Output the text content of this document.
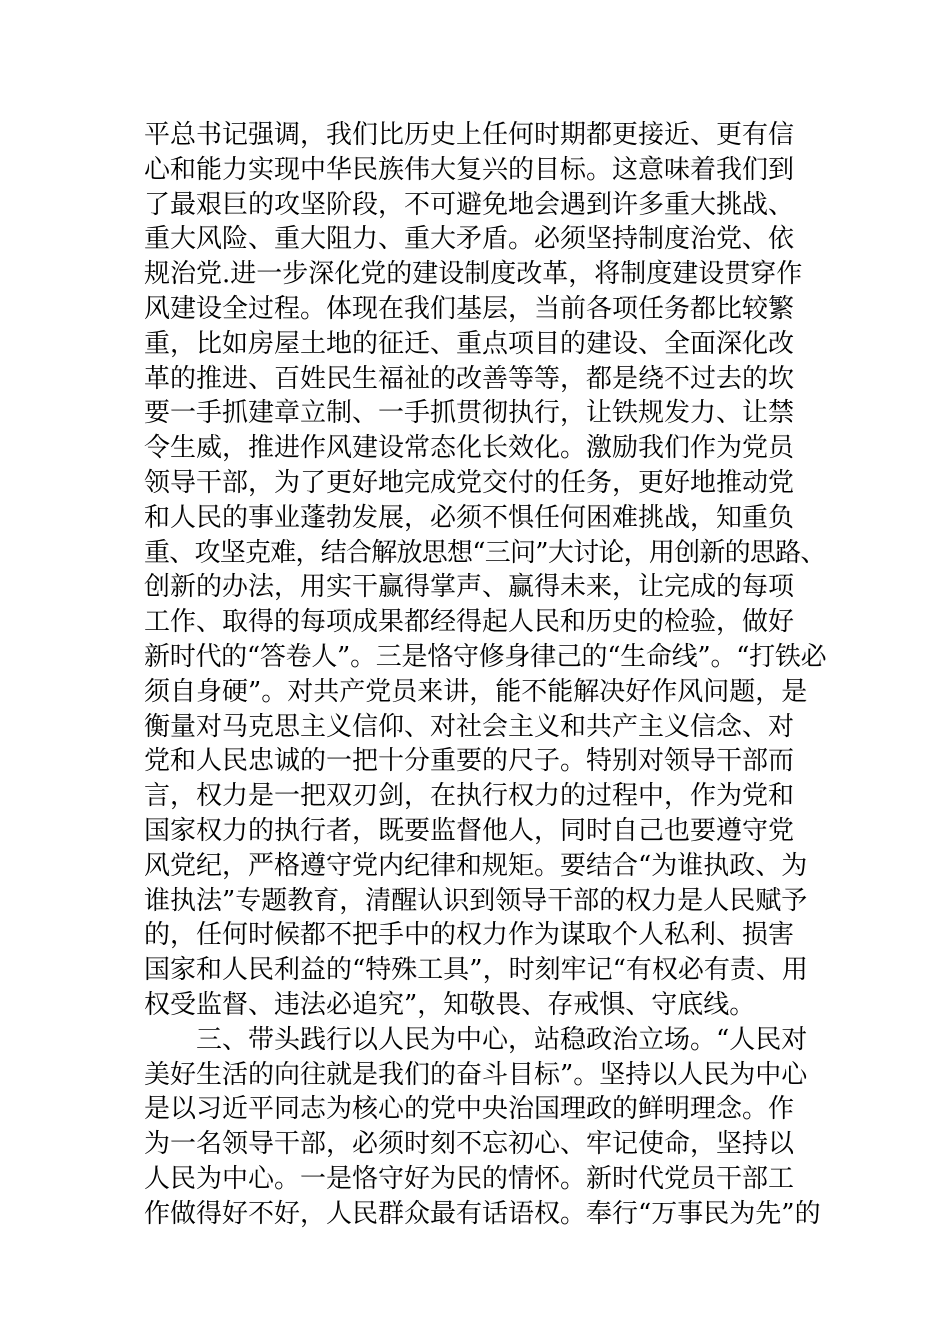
平总书记强调，我们比历史上任何时期都更接近、更有信
心和能力实现中华民族伟大复兴的目标。这意味着我们到
了最艰巨的攻坚阶段，不可避免地会遇到许多重大挑战、
重大风险、重大阻力、重大矛盾。必须坚持制度治党、依
规治党.进一步深化党的建设制度改革，将制度建设贯穿作
风建设全过程。体现在我们基层，当前各项任务都比较繁
重，比如房屋土地的征迁、重点项目的建设、全面深化改
革的推进、百姓民生福祉的改善等等，都是绕不过去的坎
要一手抓建章立制、一手抓贯彻执行，让铁规发力、让禁
令生威，推进作风建设常态化长效化。激励我们作为党员
领导干部，为了更好地完成党交付的任务，更好地推动党
和人民的事业蓬勃发展，必须不惧任何困难挑战，知重负
重、攻坚克难，结合解放思想“三问”大讨论，用创新的思路、
创新的办法，用实干赢得掌声、赢得未来，让完成的每项
工作、取得的每项成果都经得起人民和历史的检验，做好
新时代的“答卷人”。三是恪守修身律己的“生命线”。“打铁必
须自身硬”。对共产党员来讲，能不能解决好作风问题，是
衡量对马克思主义信仰、对社会主义和共产主义信念、对
党和人民忠诚的一把十分重要的尺子。特别对领导干部而
言，权力是一把双刃剑，在执行权力的过程中，作为党和
国家权力的执行者，既要监督他人，同时自己也要遵守党
风党纪，严格遵守党内纪律和规矩。要结合“为谁执政、为
谁执法”专题教育，清醒认识到领导干部的权力是人民赋予
的，任何时候都不把手中的权力作为谋取个人私利、损害
国家和人民利益的“特殊工具”，时刻牢记“有权必有责、用
权受监督、违法必追究”，知敬畏、存戒惧、守底线。
　　三、带头践行以人民为中心，站稳政治立场。“人民对
美好生活的向往就是我们的奋斗目标”。坚持以人民为中心
是以习近平同志为核心的党中央治国理政的鲜明理念。作
为一名领导干部，必须时刻不忘初心、牢记使命，坚持以
人民为中心。一是恪守好为民的情怀。新时代党员干部工
作做得好不好，人民群众最有话语权。奉行“万事民为先”的
